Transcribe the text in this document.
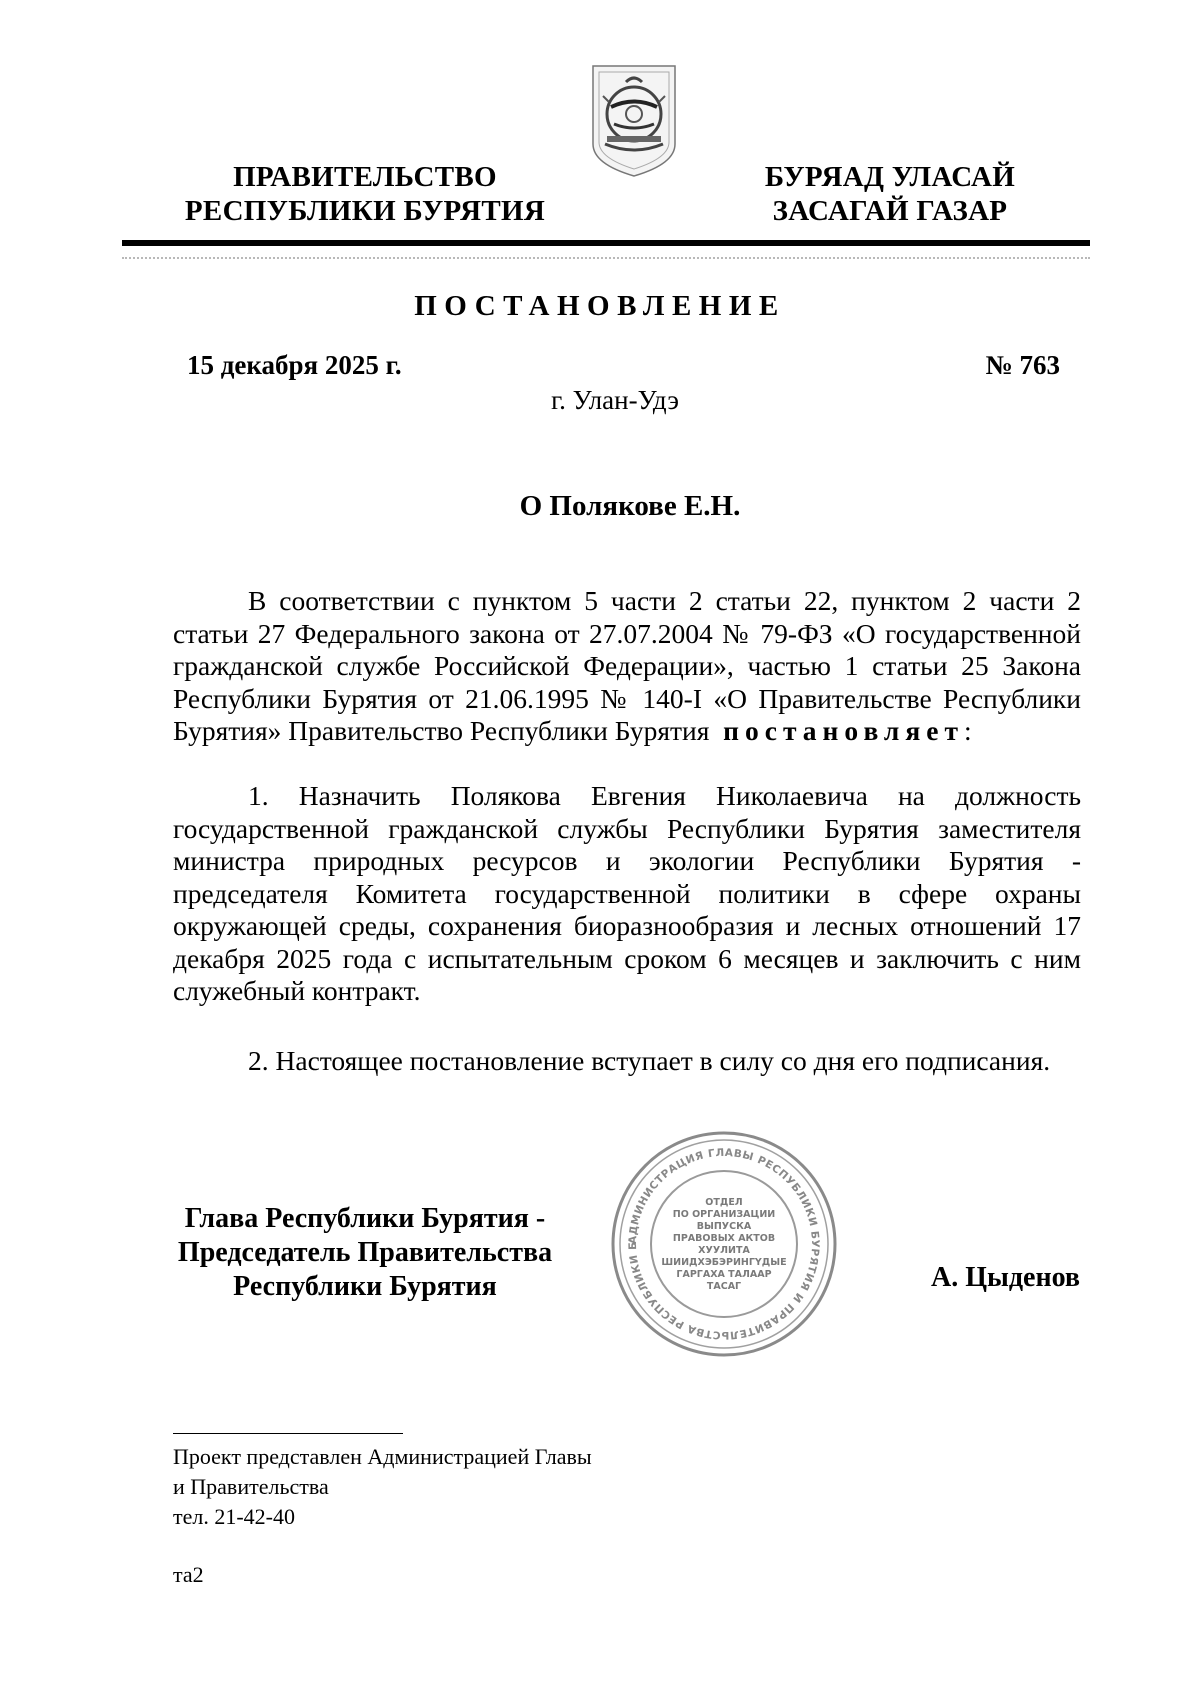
ПРАВИТЕЛЬСТВО
РЕСПУБЛИКИ БУРЯТИЯ
БУРЯАД УЛАСАЙ
ЗАСАГАЙ ГАЗАР
ПОСТАНОВЛЕНИЕ
15 декабря 2025 г.	№ 763
г. Улан-Удэ
О Полякове Е.Н.
В соответствии с пунктом 5 части 2 статьи 22, пунктом 2 части 2 статьи 27 Федерального закона от 27.07.2004 № 79-ФЗ «О государственной гражданской службе Российской Федерации», частью 1 статьи 25 Закона Республики Бурятия от 21.06.1995 № 140-I «О Правительстве Республики Бурятия» Правительство Республики Бурятия постановляет:
1. Назначить Полякова Евгения Николаевича на должность государственной гражданской службы Республики Бурятия заместителя министра природных ресурсов и экологии Республики Бурятия - председателя Комитета государственной политики в сфере охраны окружающей среды, сохранения биоразнообразия и лесных отношений 17 декабря 2025 года с испытательным сроком 6 месяцев и заключить с ним служебный контракт.
2. Настоящее постановление вступает в силу со дня его подписания.
Глава Республики Бурятия -
Председатель Правительства
Республики Бурятия
АДМИНИСТРАЦИЯ ГЛАВЫ РЕСПУБЛИКИ БУРЯТИЯ И ПРАВИТЕЛЬСТВА РЕСПУБЛИКИ Б
ОТДЕЛ
ПО ОРГАНИЗАЦИИ
ВЫПУСКА
ПРАВОВЫХ АКТОВ
ХУУЛИТА
ШИИДХЭБЭРИНГҮДЫЕ
ГАРГАХА ТАЛААР
ТАСАГ	А. Цыденов
Проект представлен Администрацией Главы
и Правительства
тел. 21-42-40
та2
